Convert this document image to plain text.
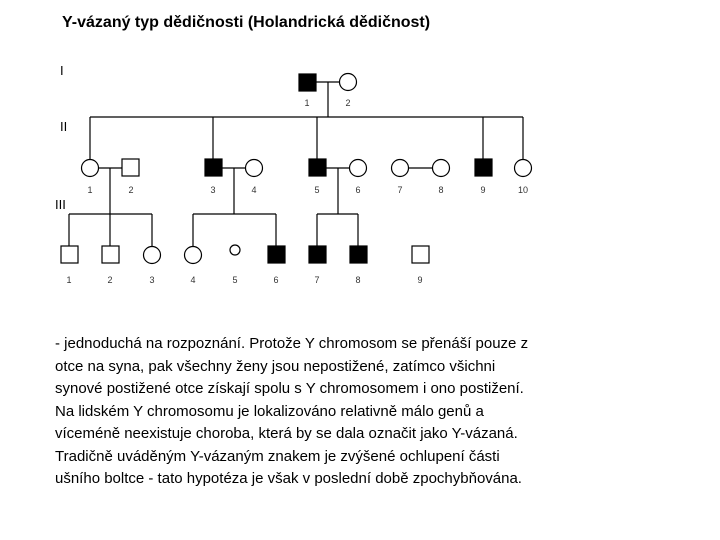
Y-vázaný typ dědičnosti (Holandrická dědičnost)
I
II
III
1	2
1	2	3	4	5	6	7	8	9	10
1	2	3	4	5	6	7	8	9
- jednoduchá na rozpoznání. Protože Y chromosom se přenáší pouze z
otce na syna, pak všechny ženy jsou nepostižené, zatímco všichni
synové postižené otce získají spolu s Y chromosomem i ono postižení.
Na lidském Y chromosomu je lokalizováno relativně málo genů a
víceméně neexistuje choroba, která by se dala označit jako Y-vázaná.
Tradičně uváděným Y-vázaným znakem je zvýšené ochlupení části
ušního boltce - tato hypotéza je však v poslední době zpochybňována.
